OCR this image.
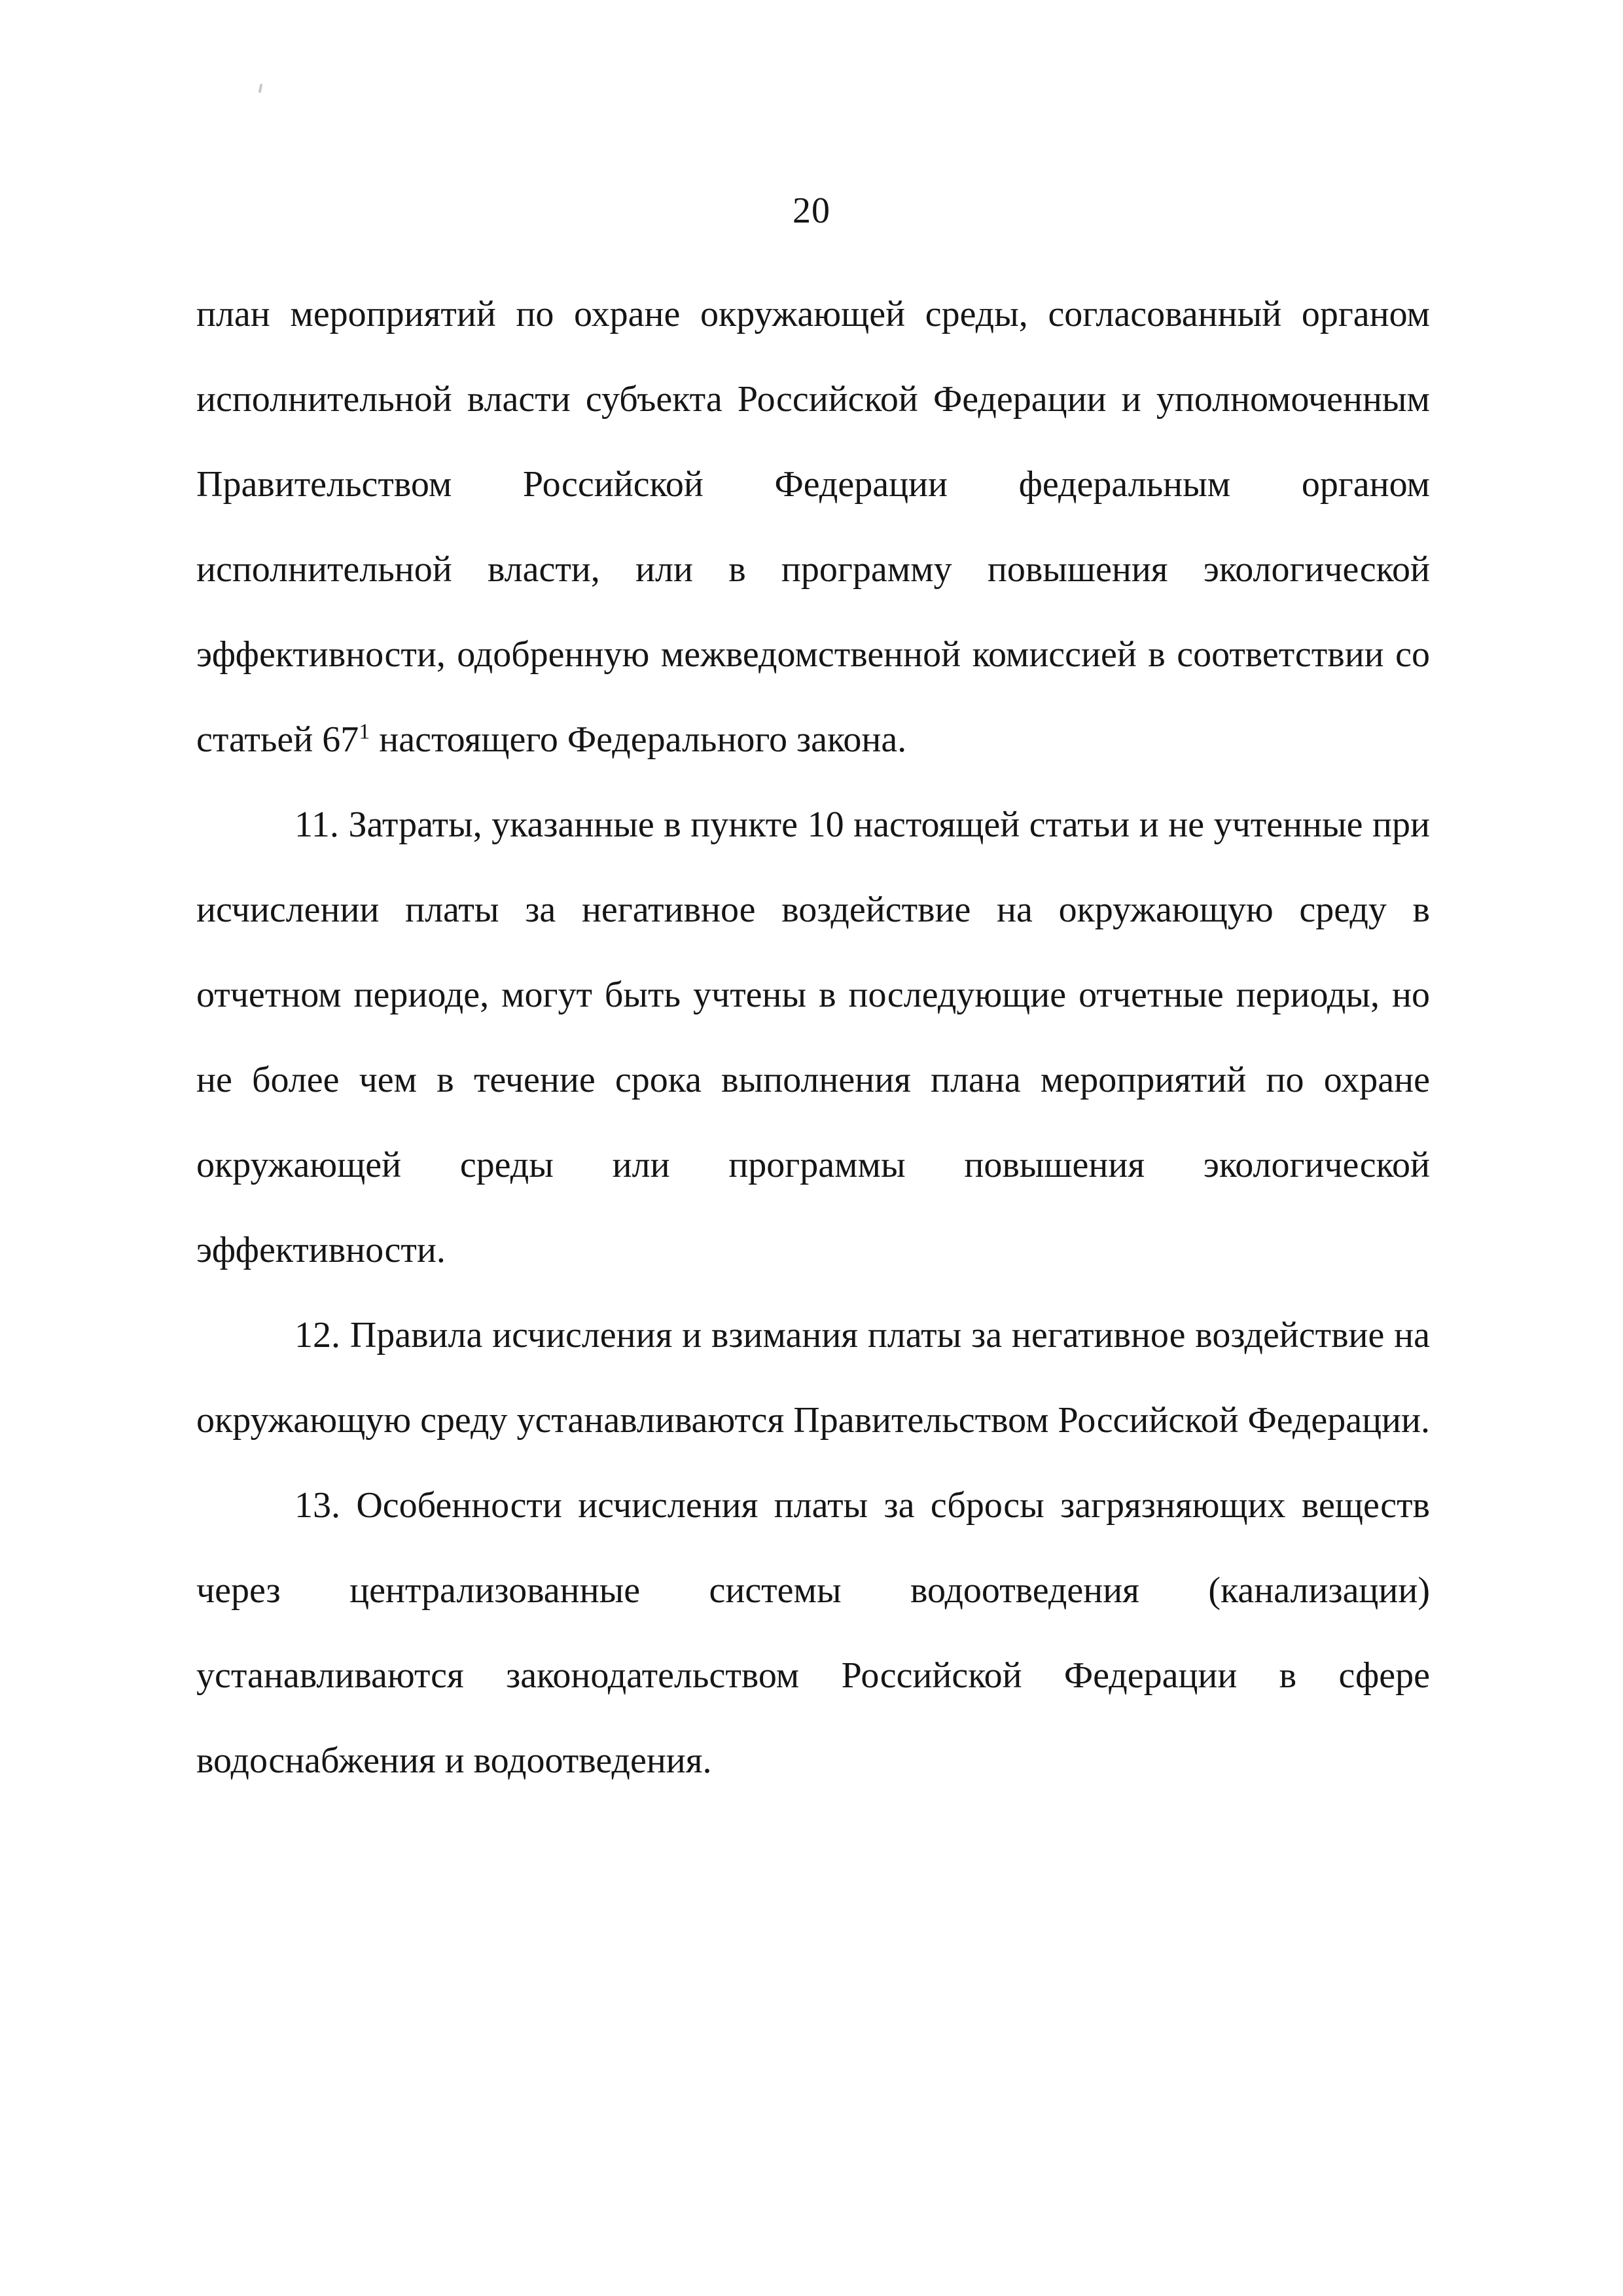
20

план мероприятий по охране окружающей среды, согласованный органом исполнительной власти субъекта Российской Федерации и уполномоченным Правительством Российской Федерации федеральным органом исполнительной власти, или в программу повышения экологической эффективности, одобренную межведомственной комиссией в соответствии со статьей 67$^1$ настоящего Федерального закона.

11. Затраты, указанные в пункте 10 настоящей статьи и не учтенные при исчислении платы за негативное воздействие на окружающую среду в отчетном периоде, могут быть учтены в последующие отчетные периоды, но не более чем в течение срока выполнения плана мероприятий по охране окружающей среды или программы повышения экологической эффективности.

12. Правила исчисления и взимания платы за негативное воздействие на окружающую среду устанавливаются Правительством Российской Федерации.

13. Особенности исчисления платы за сбросы загрязняющих веществ через централизованные системы водоотведения (канализации) устанавливаются законодательством Российской Федерации в сфере водоснабжения и водоотведения.
